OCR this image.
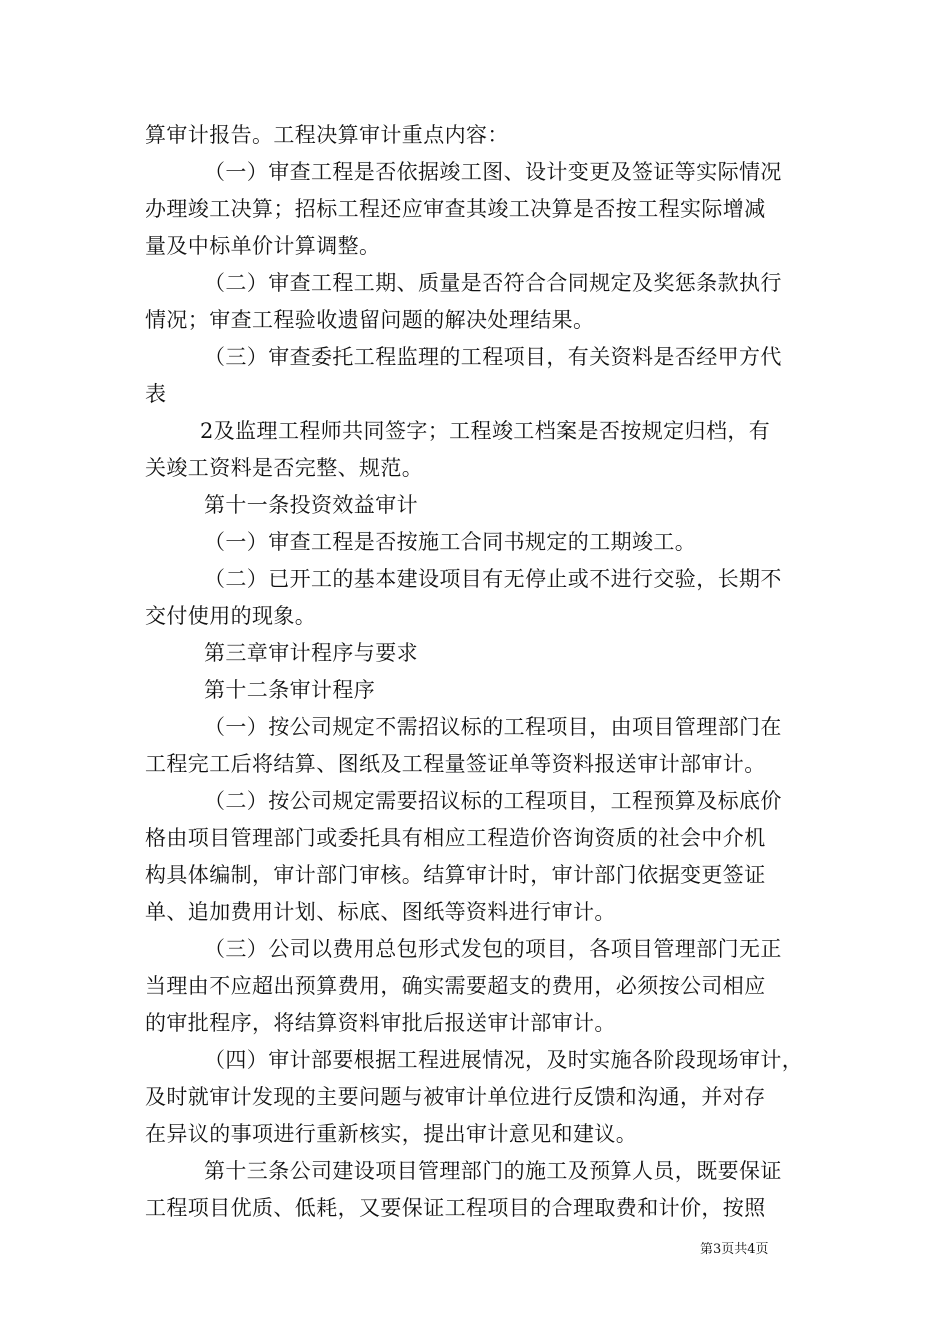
算审计报告。工程决算审计重点内容：
（一）审查工程是否依据竣工图、设计变更及签证等实际情况
办理竣工决算；招标工程还应审查其竣工决算是否按工程实际增减
量及中标单价计算调整。
（二）审查工程工期、质量是否符合合同规定及奖惩条款执行
情况；审查工程验收遗留问题的解决处理结果。
（三）审查委托工程监理的工程项目，有关资料是否经甲方代
表
2及监理工程师共同签字；工程竣工档案是否按规定归档，有
关竣工资料是否完整、规范。
第十一条投资效益审计
（一）审查工程是否按施工合同书规定的工期竣工。
（二）已开工的基本建设项目有无停止或不进行交验，长期不
交付使用的现象。
第三章审计程序与要求
第十二条审计程序
（一）按公司规定不需招议标的工程项目，由项目管理部门在
工程完工后将结算、图纸及工程量签证单等资料报送审计部审计。
（二）按公司规定需要招议标的工程项目，工程预算及标底价
格由项目管理部门或委托具有相应工程造价咨询资质的社会中介机
构具体编制，审计部门审核。结算审计时，审计部门依据变更签证
单、追加费用计划、标底、图纸等资料进行审计。
（三）公司以费用总包形式发包的项目，各项目管理部门无正
当理由不应超出预算费用，确实需要超支的费用，必须按公司相应
的审批程序，将结算资料审批后报送审计部审计。
（四）审计部要根据工程进展情况，及时实施各阶段现场审计，
及时就审计发现的主要问题与被审计单位进行反馈和沟通，并对存
在异议的事项进行重新核实，提出审计意见和建议。
第十三条公司建设项目管理部门的施工及预算人员，既要保证
工程项目优质、低耗，又要保证工程项目的合理取费和计价，按照
第3页共4页
